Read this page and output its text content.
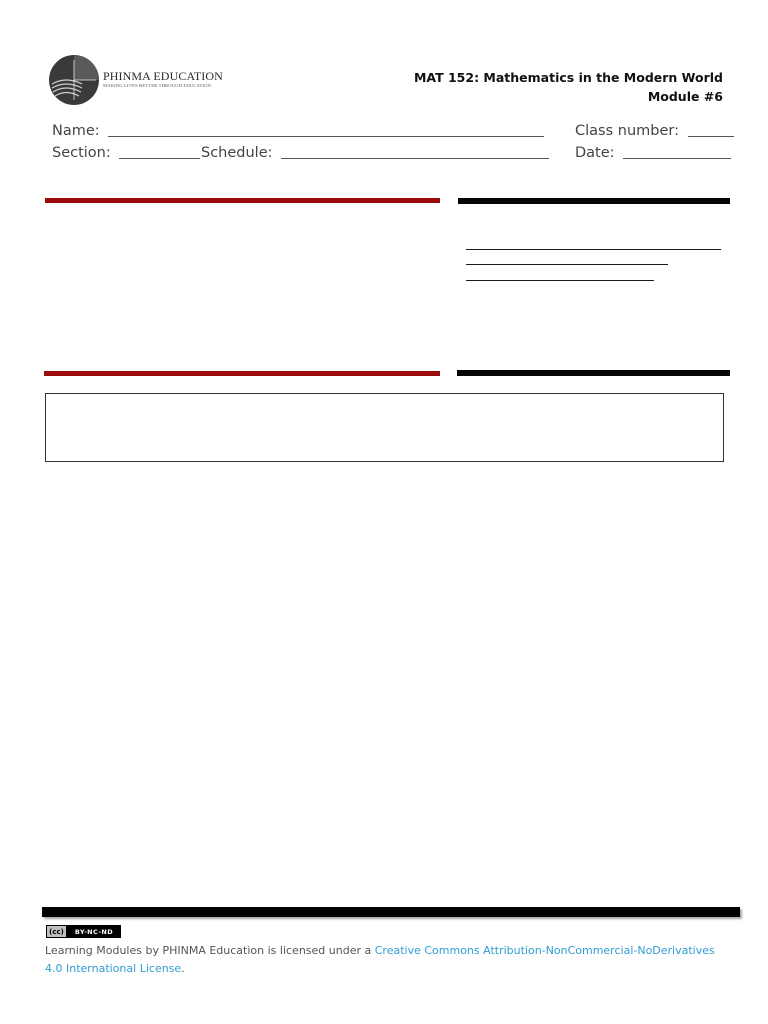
PHINMA EDUCATION
MAKING LIVES BETTER THROUGH EDUCATION
MAT 152: Mathematics in the Modern World
Module #6
Name:	Class number:
Section:	Schedule:	Date:
(cc)	BY-NC-ND
Learning Modules by PHINMA Education is licensed under a Creative Commons Attribution-NonCommercial-NoDerivatives 4.0 International License.
